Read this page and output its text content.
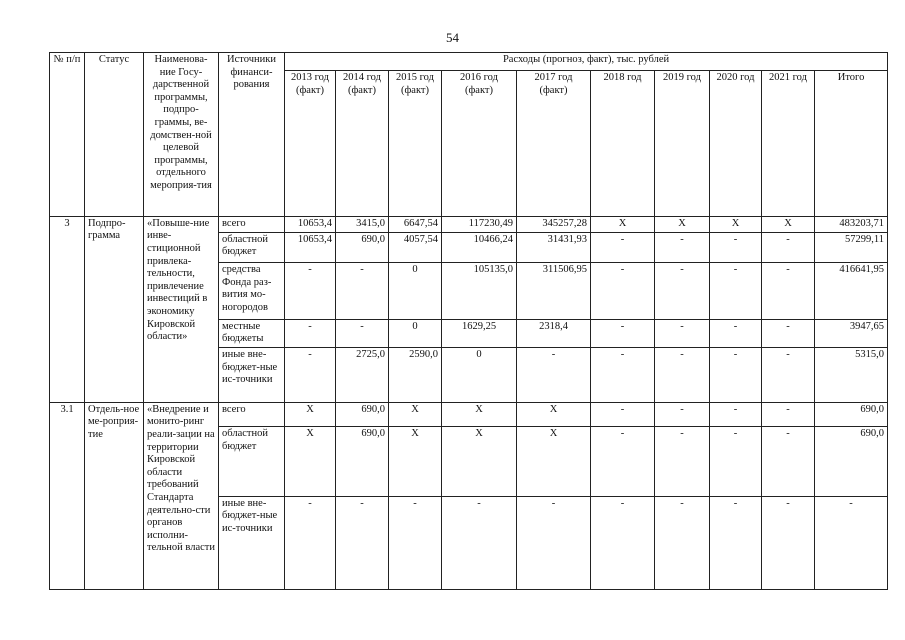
54
№ п/п	Статус	Наименова-ние Госу-дарственной программы, подпро-граммы, ве-домствен-ной целевой программы, отдельного мероприя-тия	Источники финанси-рования	Расходы (прогноз, факт), тыс. рублей									
				2013 год (факт)	2014 год (факт)	2015 год (факт)	2016 год (факт)	2017 год (факт)	2018 год	2019 год	2020 год	2021 год	Итого
3	Подпро-грамма	«Повыше-ние инве-стиционной привлека-тельности, привлечение инвестиций в экономику Кировской области»	всего	10653,4	3415,0	6647,54	117230,49	345257,28	X	X	X	X	483203,71
			областной бюджет	10653,4	690,0	4057,54	10466,24	31431,93	-	-	-	-	57299,11
			средства Фонда раз-вития мо-ногородов	-	-	0	105135,0	311506,95	-	-	-	-	416641,95
			местные бюджеты	-	-	0	1629,25	2318,4	-	-	-	-	3947,65
			иные вне-бюджет-ные ис-точники	-	2725,0	2590,0	0	-	-	-	-	-	5315,0
3.1	Отдель-ное ме-роприя-тие	«Внедрение и монито-ринг реали-зации на территории Кировской области требований Стандарта деятельно-сти органов исполни-тельной власти	всего	X	690,0	X	X	X	-	-	-	-	690,0
			областной бюджет	X	690,0	X	X	X	-	-	-	-	690,0
			иные вне-бюджет-ные ис-точники	-	-	-	-	-	-	-	-	-	-
